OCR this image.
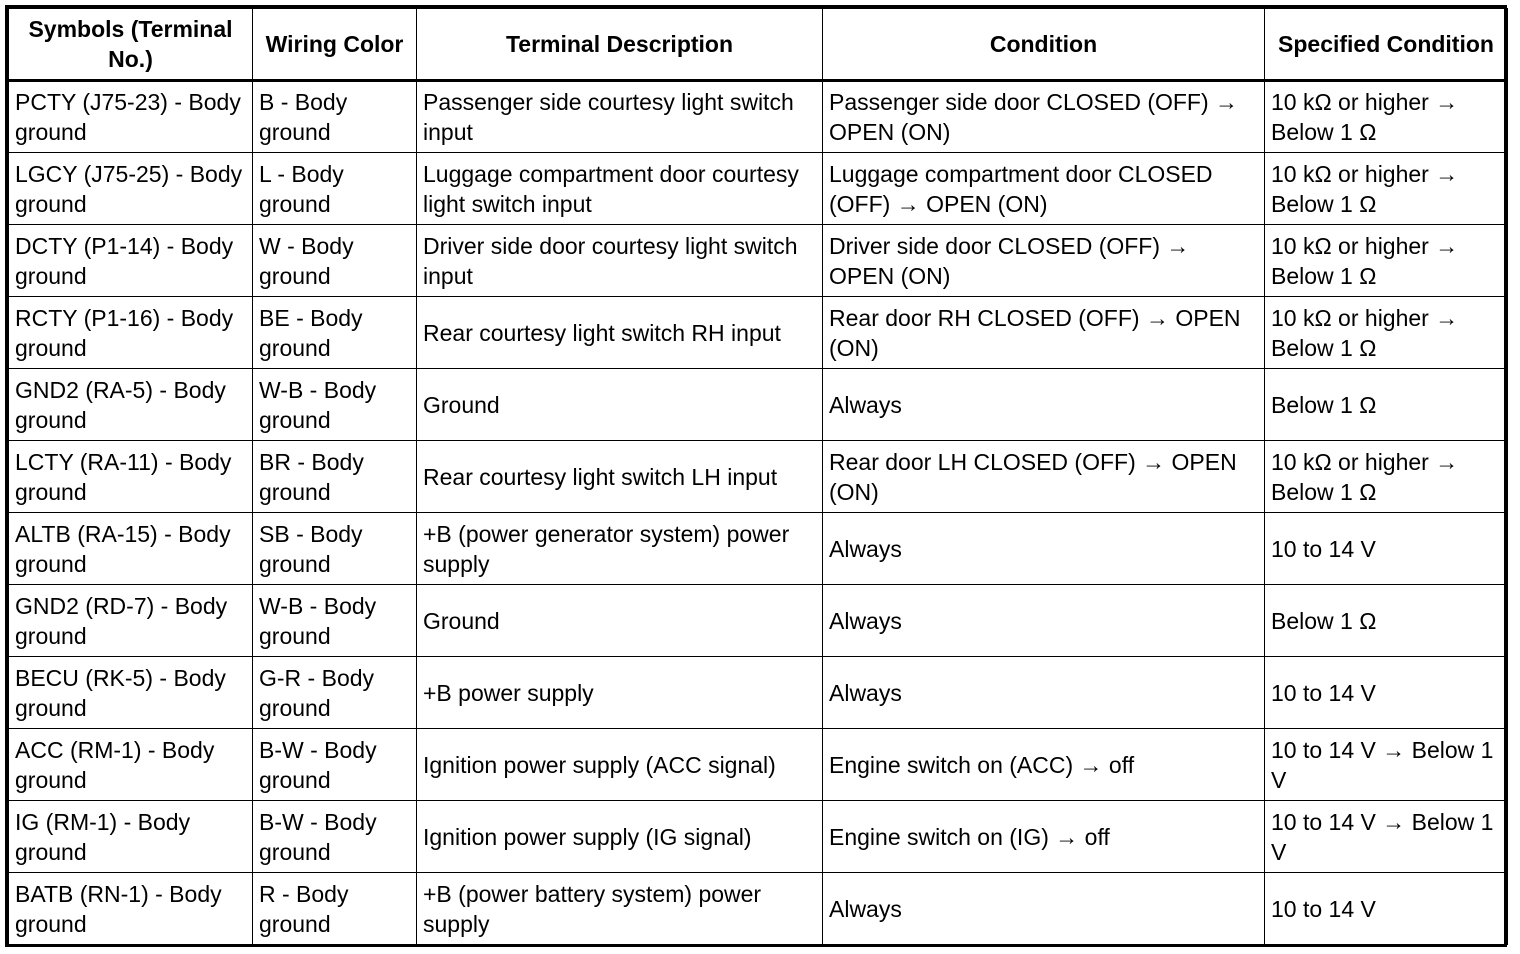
Symbols (Terminal No.)	Wiring Color	Terminal Description	Condition	Specified Condition
PCTY (J75-23) - Body ground	B - Body ground	Passenger side courtesy light switch input	Passenger side door CLOSED (OFF) → OPEN (ON)	10 kΩ or higher → Below 1 Ω
LGCY (J75-25) - Body ground	L - Body ground	Luggage compartment door courtesy light switch input	Luggage compartment door CLOSED (OFF) → OPEN (ON)	10 kΩ or higher → Below 1 Ω
DCTY (P1-14) - Body ground	W - Body ground	Driver side door courtesy light switch input	Driver side door CLOSED (OFF) → OPEN (ON)	10 kΩ or higher → Below 1 Ω
RCTY (P1-16) - Body ground	BE - Body ground	Rear courtesy light switch RH input	Rear door RH CLOSED (OFF) → OPEN (ON)	10 kΩ or higher → Below 1 Ω
GND2 (RA-5) - Body ground	W-B - Body ground	Ground	Always	Below 1 Ω
LCTY (RA-11) - Body ground	BR - Body ground	Rear courtesy light switch LH input	Rear door LH CLOSED (OFF) → OPEN (ON)	10 kΩ or higher → Below 1 Ω
ALTB (RA-15) - Body ground	SB - Body ground	+B (power generator system) power supply	Always	10 to 14 V
GND2 (RD-7) - Body ground	W-B - Body ground	Ground	Always	Below 1 Ω
BECU (RK-5) - Body ground	G-R - Body ground	+B power supply	Always	10 to 14 V
ACC (RM-1) - Body ground	B-W - Body ground	Ignition power supply (ACC signal)	Engine switch on (ACC) → off	10 to 14 V → Below 1 V
IG (RM-1) - Body ground	B-W - Body ground	Ignition power supply (IG signal)	Engine switch on (IG) → off	10 to 14 V → Below 1 V
BATB (RN-1) - Body ground	R - Body ground	+B (power battery system) power supply	Always	10 to 14 V
